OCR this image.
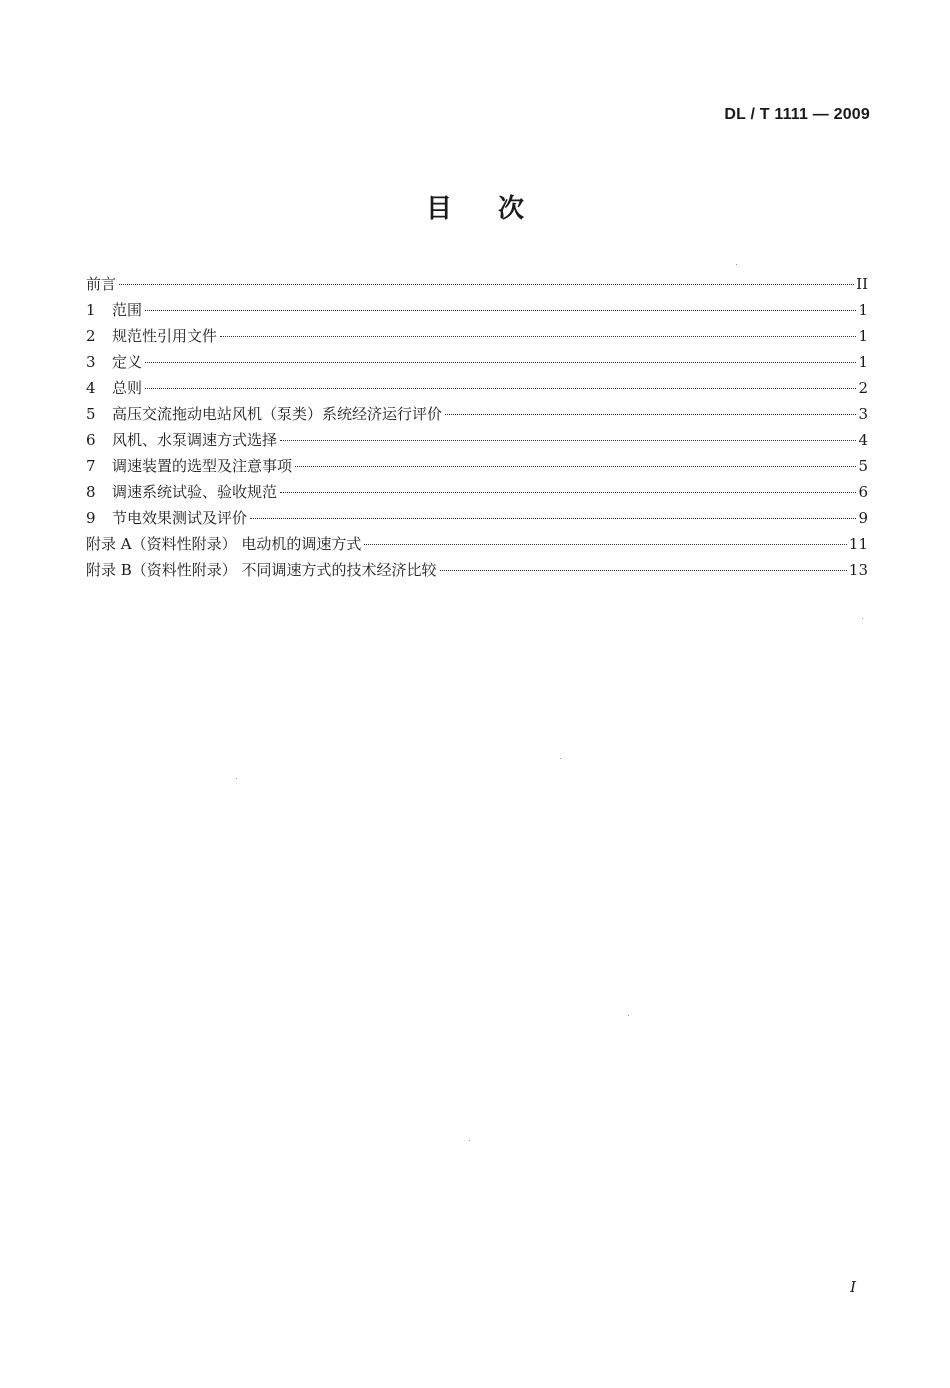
DL / T 1111 — 2009
目次
前言	II
1	范围	1
2	规范性引用文件	1
3	定义	1
4	总则	2
5	高压交流拖动电站风机（泵类）系统经济运行评价	3
6	风机、水泵调速方式选择	4
7	调速装置的选型及注意事项	5
8	调速系统试验、验收规范	6
9	节电效果测试及评价	9
附录 A（资料性附录） 电动机的调速方式	11
附录 B（资料性附录） 不同调速方式的技术经济比较	13
I
